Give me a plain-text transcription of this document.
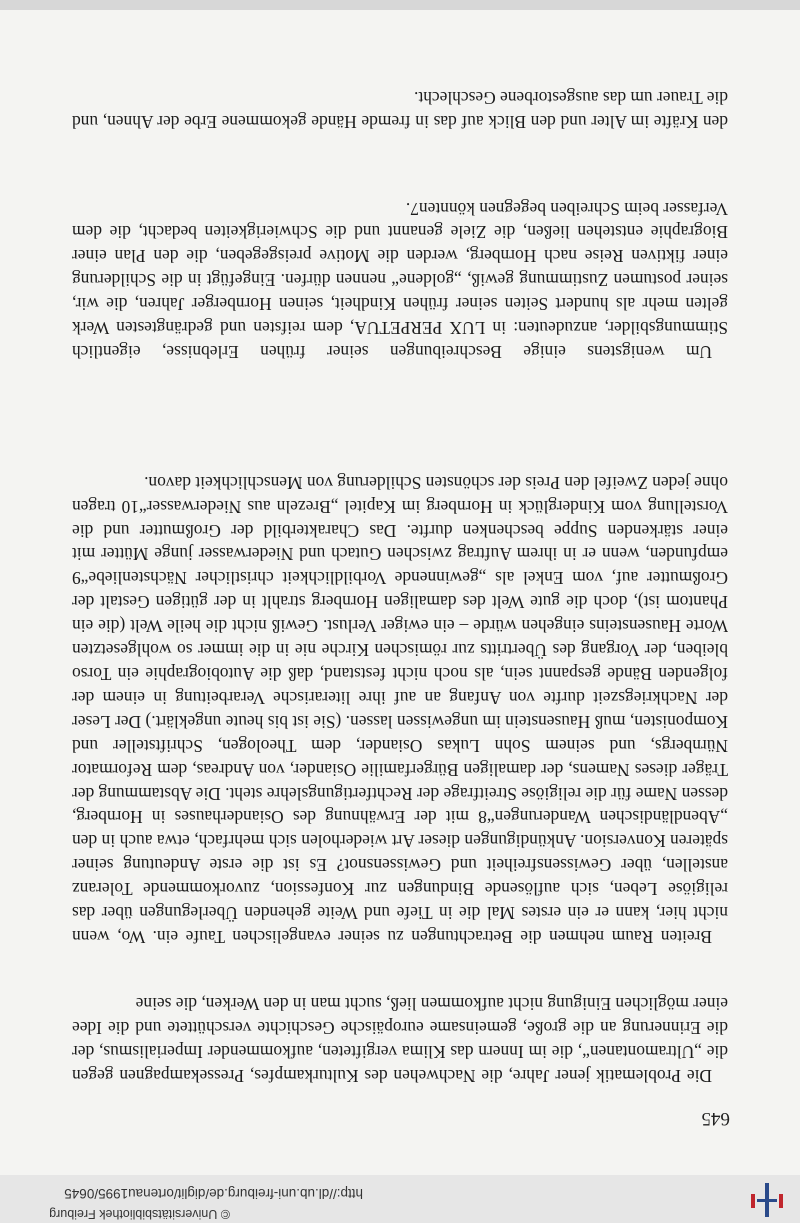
© Universitätsbibliothek Freiburg
http://dl.ub.uni-freiburg.de/diglit/ortenau1995/0645
645

Die Problematik jener Jahre, die Nachwehen des Kulturkampfes, Pressekampagnen gegen die „Ultramontanen“, die im Innern das Klima vergifteten, aufkommender Imperialismus, der die Erinnerung an die große, gemeinsame europäische Geschichte verschüttete und die Idee einer möglichen Einigung nicht aufkommen ließ, sucht man in den Werken, die seine

Breiten Raum nehmen die Betrachtungen zu seiner evangelischen Taufe ein. Wo, wenn nicht hier, kann er ein erstes Mal die in Tiefe und Weite gehenden Überlegungen über das religiöse Leben, sich auflösende Bindungen zur Konfession, zuvorkommende Toleranz anstellen, über Gewissensfreiheit und Gewissensnot? Es ist die erste Andeutung seiner späteren Konversion. Ankündigungen dieser Art wiederholen sich mehrfach, etwa auch in den „Abendländischen Wanderungen“8 mit der Erwähnung des Osianderhauses in Hornberg, dessen Name für die religiöse Streitfrage der Rechtfertigungslehre steht. Die Abstammung der Träger dieses Namens, der damaligen Bürgerfamilie Osiander, von Andreas, dem Reformator Nürnbergs, und seinem Sohn Lukas Osiander, dem Theologen, Schriftsteller und Komponisten, muß Hausenstein im ungewissen lassen. (Sie ist bis heute ungeklärt.) Der Leser der Nachkriegszeit durfte von Anfang an auf ihre literarische Verarbeitung in einem der folgenden Bände gespannt sein, als noch nicht feststand, daß die Autobiographie ein Torso bleiben, der Vorgang des Übertritts zur römischen Kirche nie in die immer so wohlgesetzten Worte Hausensteins eingehen würde – ein ewiger Verlust. Gewiß nicht die heile Welt (die ein Phantom ist), doch die gute Welt des damaligen Hornberg strahlt in der gütigen Gestalt der Großmutter auf, vom Enkel als „gewinnende Vorbildlichkeit christlicher Nächstenliebe“9 empfunden, wenn er in ihrem Auftrag zwischen Gutach und Niederwasser junge Mütter mit einer stärkenden Suppe beschenken durfte. Das Charakterbild der Großmutter und die Vorstellung vom Kinderglück in Hornberg im Kapitel „Brezeln aus Niederwasser“10 tragen ohne jeden Zweifel den Preis der schönsten Schilderung von Menschlichkeit davon.

Um wenigstens einige Beschreibungen seiner frühen Erlebnisse, eigentlich Stimmungsbilder, anzudeuten: in LUX PERPETUA, dem reifsten und gedrängtesten Werk gelten mehr als hundert Seiten seiner frühen Kindheit, seinen Hornberger Jahren, die wir, seiner postumen Zustimmung gewiß, „goldene“ nennen dürfen. Eingefügt in die Schilderung einer fiktiven Reise nach Hornberg, werden die Motive preisgegeben, die den Plan einer Biographie entstehen ließen, die Ziele genannt und die Schwierigkeiten bedacht, die dem Verfasser beim Schreiben begegnen könnten7.

den Kräfte im Alter und den Blick auf das in fremde Hände gekommene Erbe der Ahnen, und die Trauer um das ausgestorbene Geschlecht.
